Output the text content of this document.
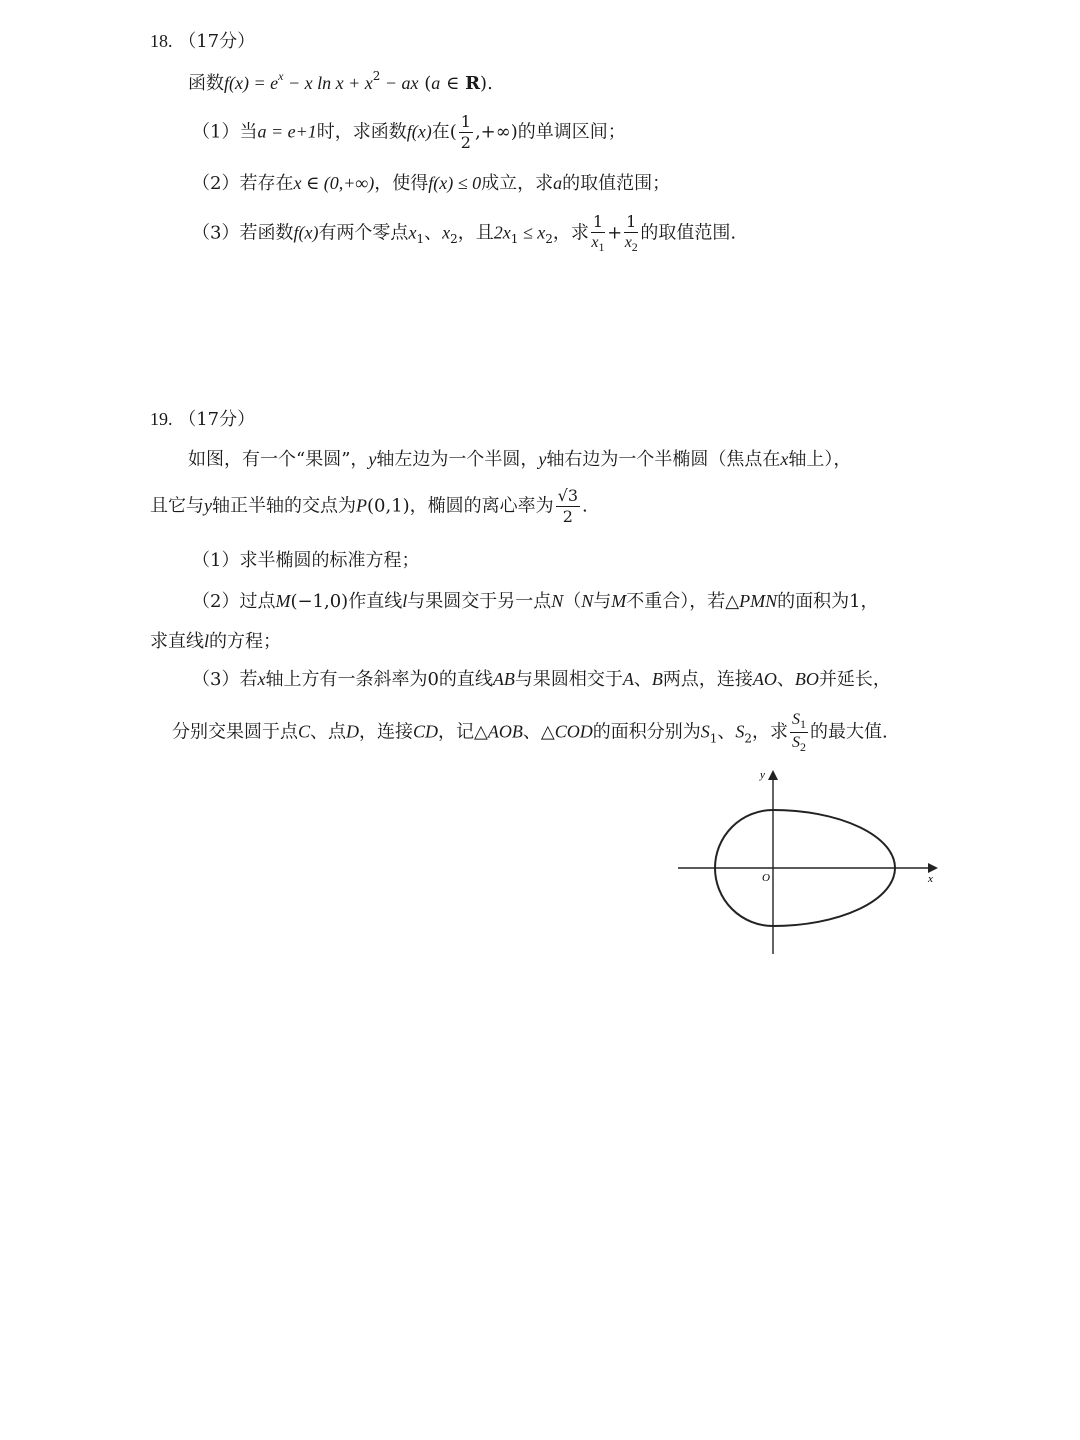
18. （17分）
函数$f(x) = e^x - x$ $\ln x + x^2$ − ax (a ∈ R).
（1）当a = e+1时，求函数f(x)在( $\frac{1}{2}$ ,+∞)的单调区间；
（2）若存在x ∈ (0,+∞)，使得f(x) ≤ 0成立，求a的取值范围；
（3）若函数f(x)有两个零点$x_1$、$x_2$，且$2x_1 \le x_2$，求 $\frac{1}{x_1} + \frac{1}{x_2}$ 的取值范围.
19. （17分）
如图，有一个“果圆”，y轴左边为一个半圆，y轴右边为一个半椭圆（焦点在x轴上），
且它与y轴正半轴的交点为P(0,1)，椭圆的离心率为 $\frac{√3}{2}$ .
（1）求半椭圆的标准方程；
（2）过点M(−1,0)作直线l与果圆交于另一点N（N与M不重合），若△PMN的面积为1，
求直线l的方程；
（3）若x轴上方有一条斜率为0的直线AB与果圆相交于A、B两点，连接AO、BO并延长，
分别交果圆于点C、点D，连接CD，记△AOB、△COD的面积分别为$S_1$、$S_2$，求 $\frac{S_1}{S_2}$ 的最大值.
y
x
O
